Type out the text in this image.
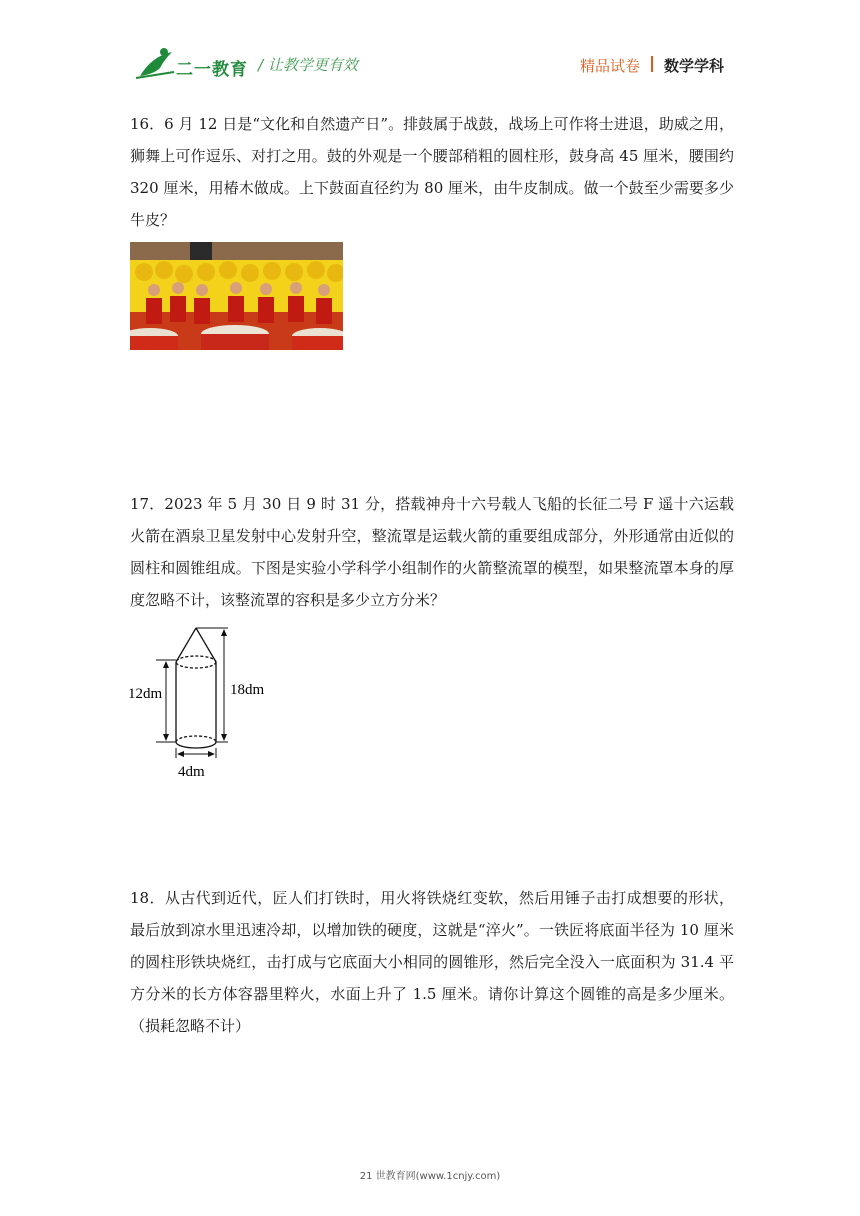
二一教育 / 让教学更有效	精品试卷 数学学科
16．6 月 12 日是“文化和自然遗产日”。排鼓属于战鼓，战场上可作将士进退，助威之用，狮舞上可作逗乐、对打之用。鼓的外观是一个腰部稍粗的圆柱形，鼓身高 45 厘米，腰围约 320 厘米，用椿木做成。上下鼓面直径约为 80 厘米，由牛皮制成。做一个鼓至少需要多少牛皮？
17．2023 年 5 月 30 日 9 时 31 分，搭载神舟十六号载人飞船的长征二号 F 遥十六运载火箭在酒泉卫星发射中心发射升空，整流罩是运载火箭的重要组成部分，外形通常由近似的圆柱和圆锥组成。下图是实验小学科学小组制作的火箭整流罩的模型，如果整流罩本身的厚度忽略不计，该整流罩的容积是多少立方分米？
12dm	18dm
4dm
18．从古代到近代，匠人们打铁时，用火将铁烧红变软，然后用锤子击打成想要的形状，最后放到凉水里迅速冷却，以增加铁的硬度，这就是“淬火”。一铁匠将底面半径为 10 厘米的圆柱形铁块烧红，击打成与它底面大小相同的圆锥形，然后完全没入一底面积为 31.4 平方分米的长方体容器里粹火，水面上升了 1.5 厘米。请你计算这个圆锥的高是多少厘米。（损耗忽略不计）
21 世教育网(www.1cnjy.com)
